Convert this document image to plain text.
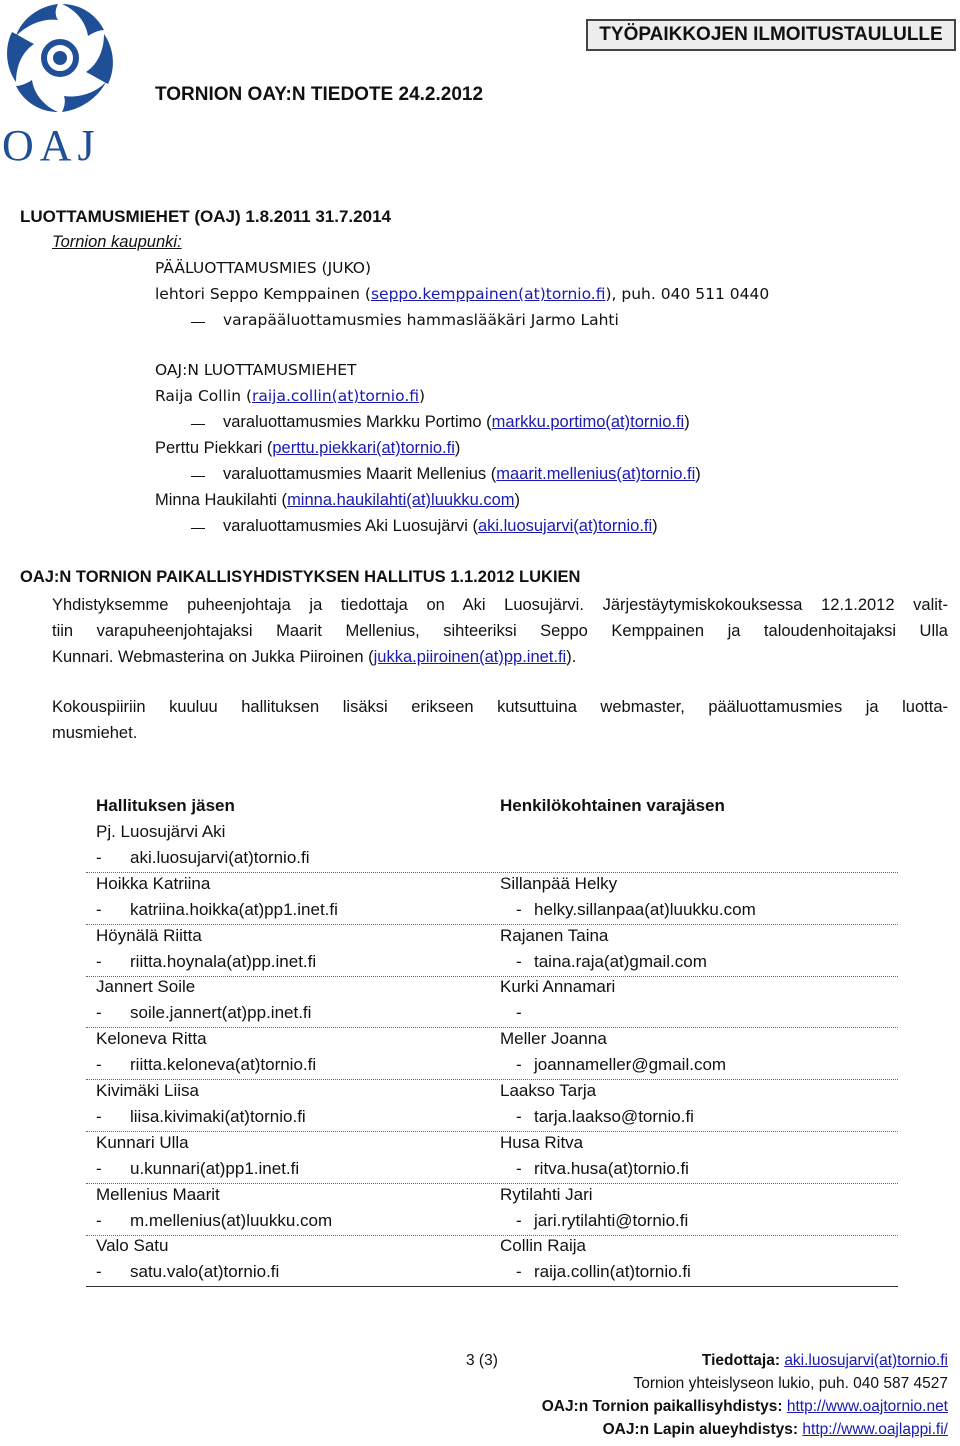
OAJ
TYÖPAIKKOJEN ILMOITUSTAULULLE
TORNION OAY:N TIEDOTE 24.2.2012
LUOTTAMUSMIEHET (OAJ) 1.8.2011 31.7.2014
Tornion kaupunki:
PÄÄLUOTTAMUSMIES (JUKO)
lehtori Seppo Kemppainen (seppo.kemppainen(at)tornio.fi), puh. 040 511 0440
varapääluottamusmies hammaslääkäri Jarmo Lahti
OAJ:N LUOTTAMUSMIEHET
Raija Collin (raija.collin(at)tornio.fi)
varaluottamusmies Markku Portimo (markku.portimo(at)tornio.fi)
Perttu Piekkari (perttu.piekkari(at)tornio.fi)
varaluottamusmies Maarit Mellenius (maarit.mellenius(at)tornio.fi)
Minna Haukilahti (minna.haukilahti(at)luukku.com)
varaluottamusmies Aki Luosujärvi (aki.luosujarvi(at)tornio.fi)
OAJ:N TORNION PAIKALLISYHDISTYKSEN HALLITUS 1.1.2012 LUKIEN
Yhdistyksemme puheenjohtaja ja tiedottaja on Aki Luosujärvi. Järjestäytymiskokouksessa 12.1.2012 valit-
tiin varapuheenjohtajaksi Maarit Mellenius, sihteeriksi Seppo Kemppainen ja taloudenhoitajaksi Ulla
Kunnari. Webmasterina on Jukka Piiroinen (jukka.piiroinen(at)pp.inet.fi).
Kokouspiiriin kuuluu hallituksen lisäksi erikseen kutsuttuina webmaster, pääluottamusmies ja luotta-
musmiehet.
Hallituksen jäsen	Henkilökohtainen varajäsen
Pj. Luosujärvi Aki
- aki.luosujarvi(at)tornio.fi
Hoikka Katriina
- katriina.hoikka(at)pp1.inet.fi
Sillanpää Helky
- helky.sillanpaa(at)luukku.com
Höynälä Riitta
- riitta.hoynala(at)pp.inet.fi
Rajanen Taina
- taina.raja(at)gmail.com
Jannert Soile
- soile.jannert(at)pp.inet.fi
Kurki Annamari
-
Keloneva Ritta
- riitta.keloneva(at)tornio.fi
Meller Joanna
- joannameller@gmail.com
Kivimäki Liisa
- liisa.kivimaki(at)tornio.fi
Laakso Tarja
- tarja.laakso@tornio.fi
Kunnari Ulla
- u.kunnari(at)pp1.inet.fi
Husa Ritva
- ritva.husa(at)tornio.fi
Mellenius Maarit
- m.mellenius(at)luukku.com
Rytilahti Jari
- jari.rytilahti@tornio.fi
Valo Satu
- satu.valo(at)tornio.fi
Collin Raija
- raija.collin(at)tornio.fi
3 (3)	Tiedottaja: aki.luosujarvi(at)tornio.fi
Tornion yhteislyseon lukio, puh. 040 587 4527
OAJ:n Tornion paikallisyhdistys: http://www.oajtornio.net
OAJ:n Lapin alueyhdistys: http://www.oajlappi.fi/
